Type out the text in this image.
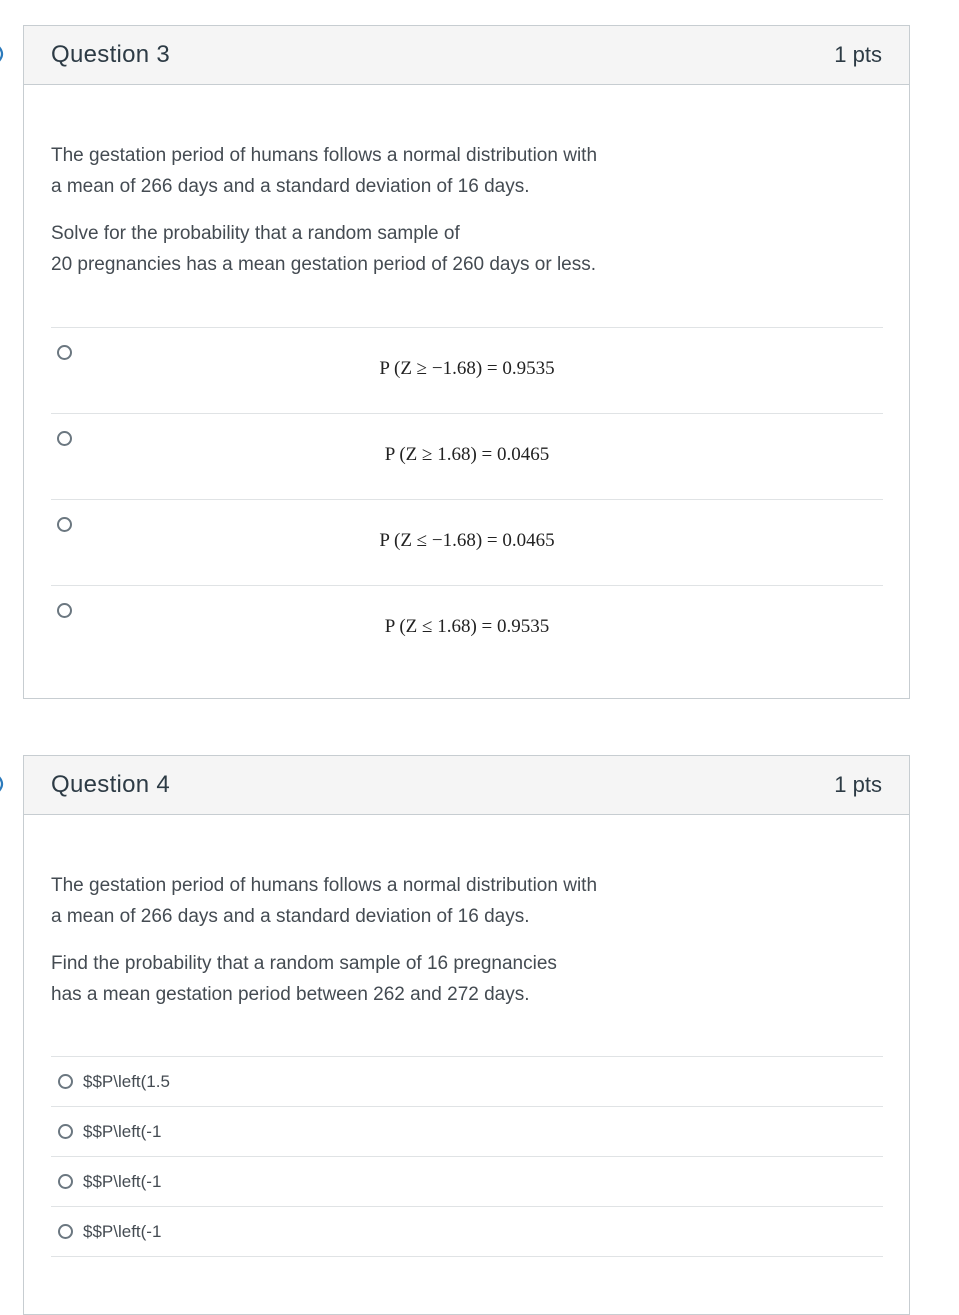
Question 3	1 pts

The gestation period of humans follows a normal distribution with
a mean of 266 days and a standard deviation of 16 days.

Solve for the probability that a random sample of
20 pregnancies has a mean gestation period of 260 days or less.

P (Z ≥ −1.68) = 0.9535
P (Z ≥ 1.68) = 0.0465
P (Z ≤ −1.68) = 0.0465
P (Z ≤ 1.68) = 0.9535
Question 4	1 pts

The gestation period of humans follows a normal distribution with
a mean of 266 days and a standard deviation of 16 days.

Find the probability that a random sample of 16 pregnancies
has a mean gestation period between 262 and 272 days.

$$P\left(1.5
$$P\left(-1
$$P\left(-1
$$P\left(-1
